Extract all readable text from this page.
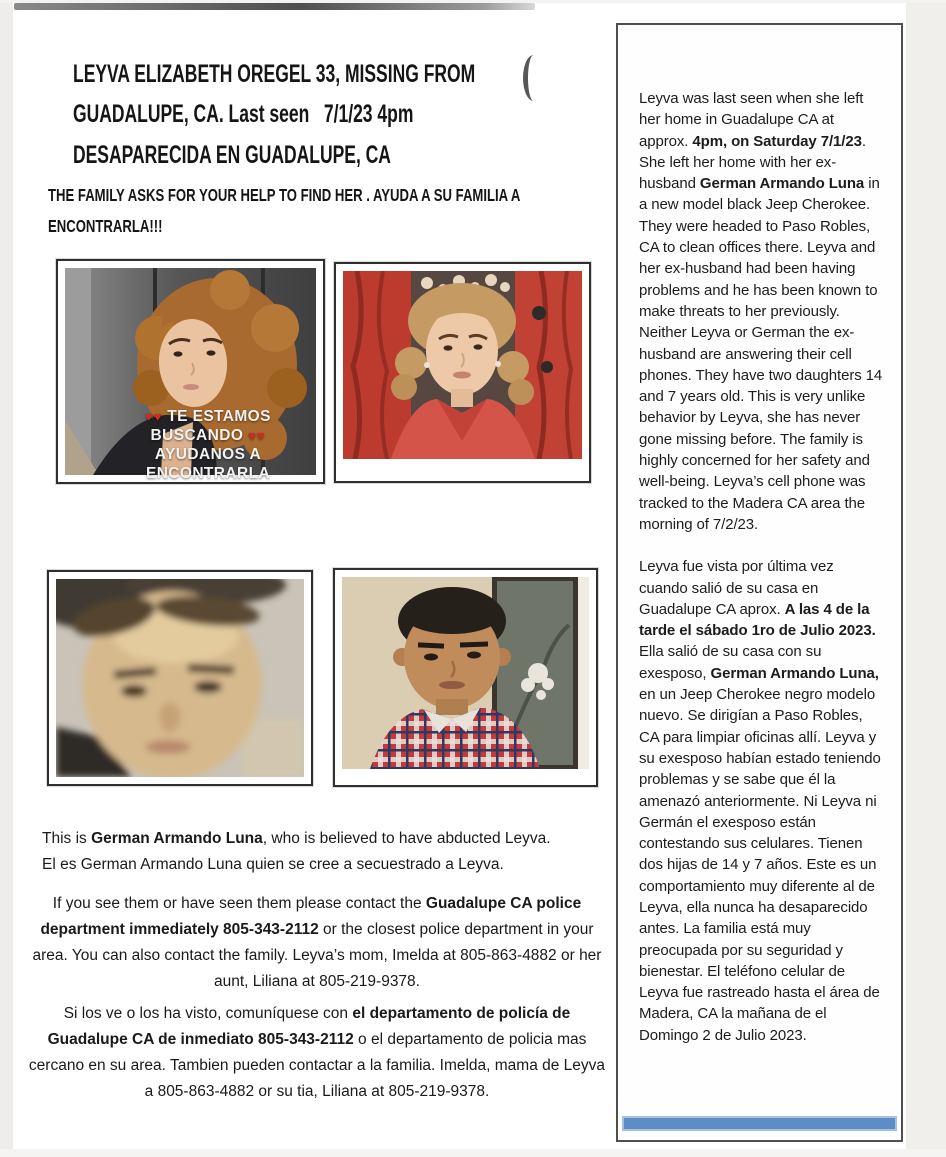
LEYVA ELIZABETH OREGEL 33, MISSING FROM
GUADALUPE, CA. Last seen   7/1/23 4pm
DESAPARECIDA EN GUADALUPE, CA
THE FAMILY ASKS FOR YOUR HELP TO FIND HER . AYUDA A SU FAMILIA A
ENCONTRARLA!!!
♥♥ TE ESTAMOS
BUSCANDO ♥♥
AYUDANOS A
ENCONTRARLA
This is German Armando Luna, who is believed to have abducted Leyva.
El es German Armando Luna quien se cree a secuestrado a Leyva.
If you see them or have seen them please contact the Guadalupe CA police department immediately 805-343-2112 or the closest police department in your area. You can also contact the family. Leyva’s mom, Imelda at 805-863-4882 or her aunt, Liliana at 805-219-9378.
Si los ve o los ha visto, comuníquese con el departamento de policía de Guadalupe CA de inmediato 805-343-2112 o el departamento de policia mas cercano en su area. Tambien pueden contactar a la familia. Imelda, mama de Leyva a 805-863-4882 or su tia, Liliana at 805-219-9378.

Leyva was last seen when she left her home in Guadalupe CA at approx. 4pm, on Saturday 7/1/23. She left her home with her ex-husband German Armando Luna in a new model black Jeep Cherokee. They were headed to Paso Robles, CA to clean offices there. Leyva and her ex-husband had been having problems and he has been known to make threats to her previously. Neither Leyva or German the ex-husband are answering their cell phones. They have two daughters 14 and 7 years old. This is very unlike behavior by Leyva, she has never gone missing before. The family is highly concerned for her safety and well-being. Leyva’s cell phone was tracked to the Madera CA area the morning of 7/2/23.

Leyva fue vista por última vez cuando salió de su casa en Guadalupe CA aprox. A las 4 de la tarde el sábado 1ro de Julio 2023. Ella salió de su casa con su exesposo, German Armando Luna, en un Jeep Cherokee negro modelo nuevo. Se dirigían a Paso Robles, CA para limpiar oficinas allí. Leyva y su exesposo habían estado teniendo problemas y se sabe que él la amenazó anteriormente. Ni Leyva ni Germán el exesposo están contestando sus celulares. Tienen dos hijas de 14 y 7 años. Este es un comportamiento muy diferente al de Leyva, ella nunca ha desaparecido antes. La familia está muy preocupada por su seguridad y bienestar. El teléfono celular de Leyva fue rastreado hasta el área de Madera, CA la mañana de el Domingo 2 de Julio 2023.
